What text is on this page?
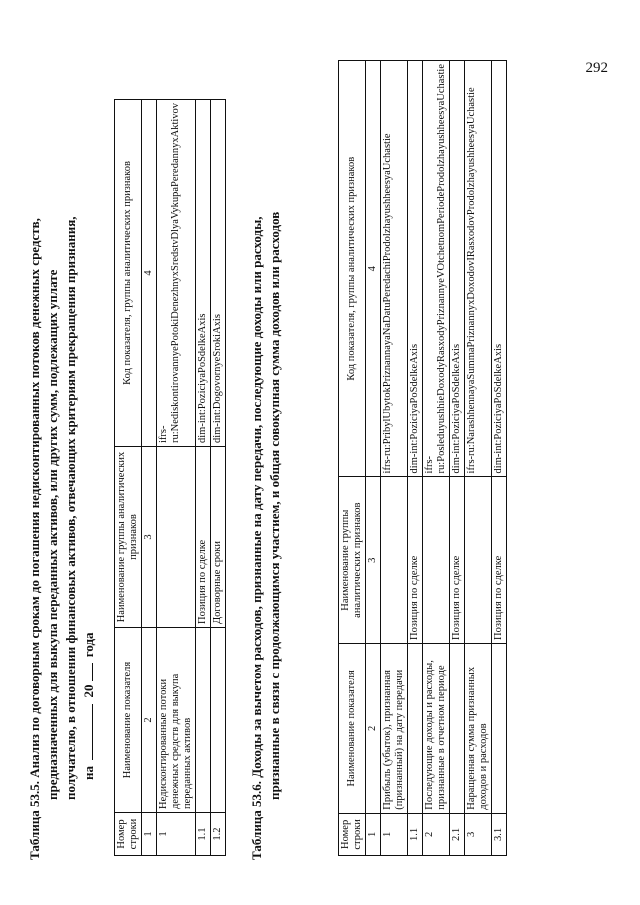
292
Таблица 53.5. Анализ по договорным срокам до погашения недисконтированных потоков денежных средств, предназначенных для выкупа переданных активов, или других сумм, подлежащих уплате получателю, в отношении финансовых активов, отвечающих критериям прекращения признания, на  20 года
Номер строки	Наименование показателя	Наименование группы аналитических признаков	Код показателя, группы аналитических признаков
1	2	3	4
1	Недисконтированные потоки денежных средств для выкупа переданных активов		ifrs-ru:NediskontirovannyePotokiDenezhnyxSredstvDlyaVykupaPeredannyxAktivov
1.1		Позиция по сделке	dim-int:PoziciyaPoSdelkeAxis
1.2		Договорные сроки	dim-int:DogovornyeSrokiAxis Таблица 53.6. Доходы за вычетом расходов, признанные на дату передачи, последующие доходы или расходы, признанные в связи с продолжающимся участием, и общая совокупная сумма доходов или расходов
Номер строки	Наименование показателя	Наименование группы аналитических признаков	Код показателя, группы аналитических признаков
1	2	3	4
1	Прибыль (убыток), признанная (признанный) на дату передачи		ifrs-ru:PribylUbytokPriznannayaNaDatuPeredachiProdolzhayushheesyaUchastie
1.1		Позиция по сделке	dim-int:PoziciyaPoSdelkeAxis
2	Последующие доходы и расходы, признанные в отчетном периоде		ifrs-ru:PosleduyushhieDoxodyRasxodyPriznannyeVOtchetnomPeriodeProdolzhayushheesyaUchastie
2.1		Позиция по сделке	dim-int:PoziciyaPoSdelkeAxis
3	Наращенная сумма признанных доходов и расходов		ifrs-ru:NarashhennayaSummaPriznannyxDoxodovIRasxodovProdolzhayushheesyaUchastie
3.1		Позиция по сделке	dim-int:PoziciyaPoSdelkeAxis
